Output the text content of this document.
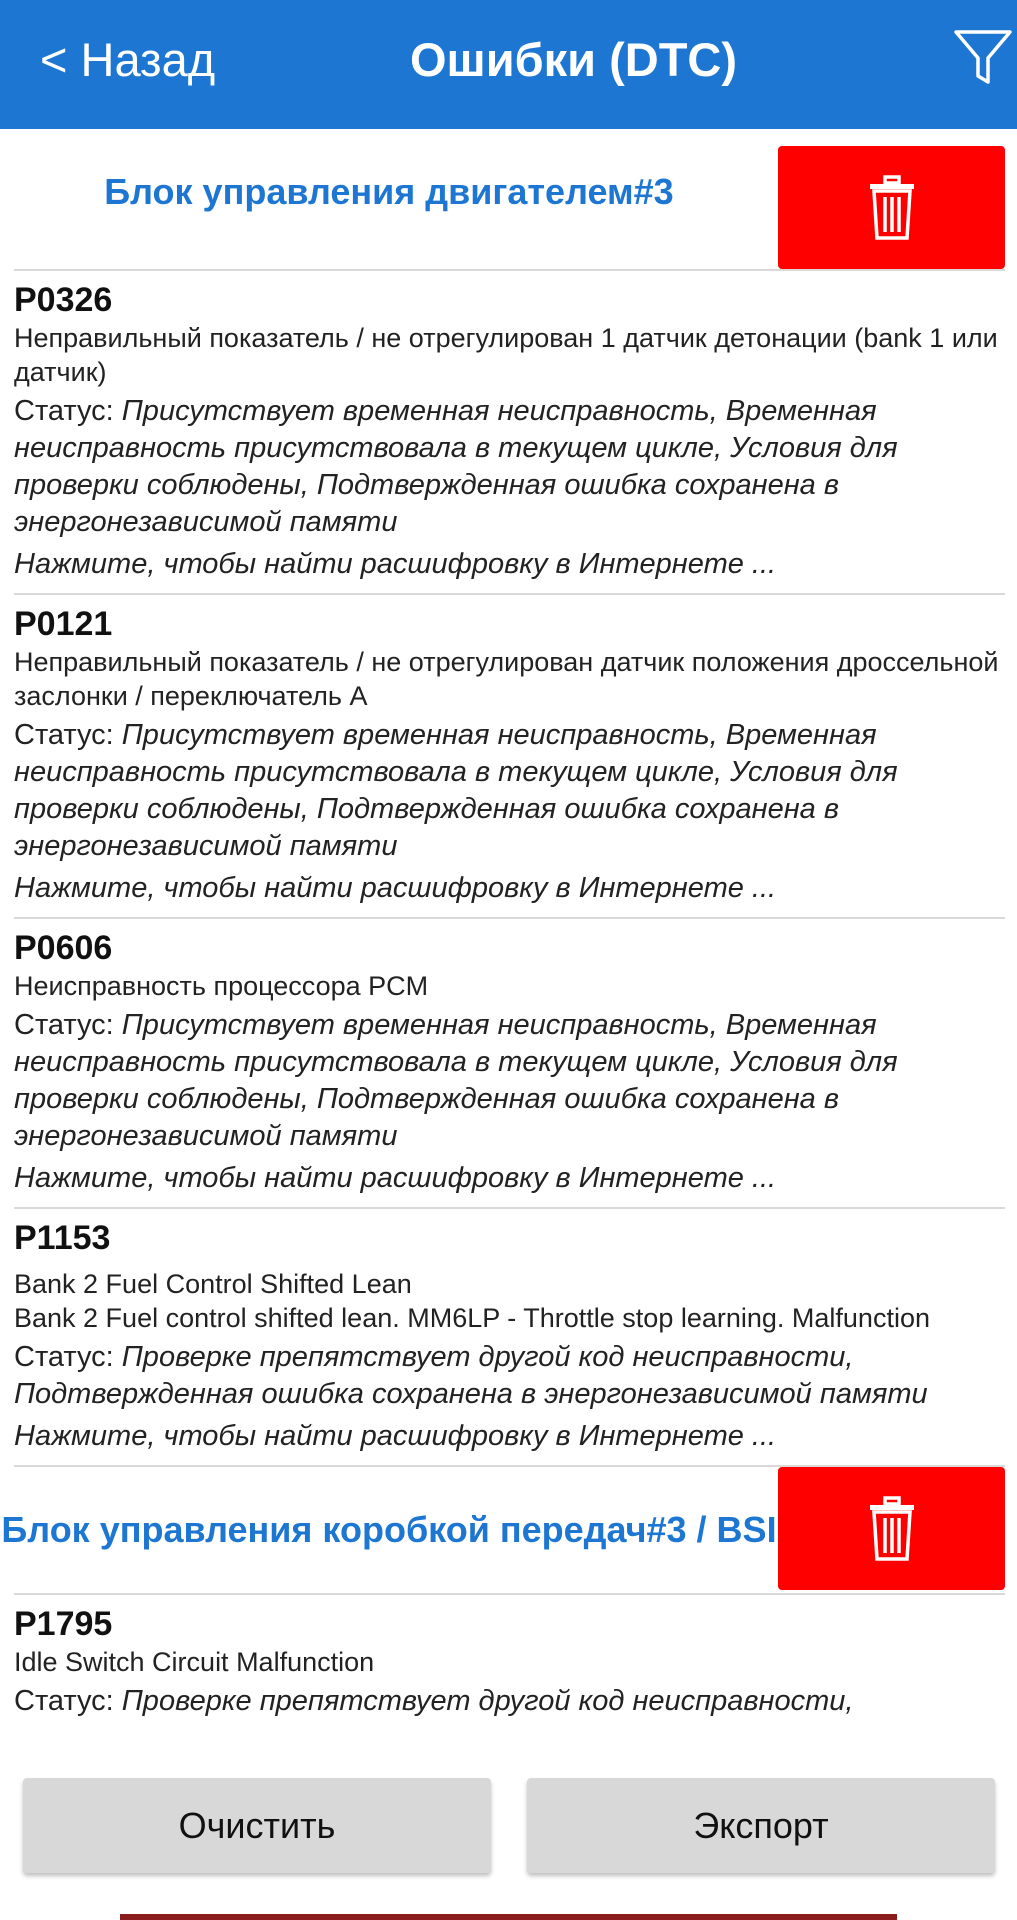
< Назад	Ошибки (DTC)
Блок управления двигателем#3
P0326
Неправильный показатель / не отрегулирован 1 датчик детонации (bank 1 или датчик)
Статус: Присутствует временная неисправность, Временная неисправность присутствовала в текущем цикле, Условия для проверки соблюдены, Подтвержденная ошибка сохранена в энергонезависимой памяти
Нажмите, чтобы найти расшифровку в Интернете ...
P0121
Неправильный показатель / не отрегулирован датчик положения дроссельной заслонки / переключатель A
Статус: Присутствует временная неисправность, Временная неисправность присутствовала в текущем цикле, Условия для проверки соблюдены, Подтвержденная ошибка сохранена в энергонезависимой памяти
Нажмите, чтобы найти расшифровку в Интернете ...
P0606
Неисправность процессора PCM
Статус: Присутствует временная неисправность, Временная неисправность присутствовала в текущем цикле, Условия для проверки соблюдены, Подтвержденная ошибка сохранена в энергонезависимой памяти
Нажмите, чтобы найти расшифровку в Интернете ...
P1153
Bank 2 Fuel Control Shifted Lean
Bank 2 Fuel control shifted lean. MM6LP - Throttle stop learning. Malfunction
Статус: Проверке препятствует другой код неисправности, Подтвержденная ошибка сохранена в энергонезависимой памяти
Нажмите, чтобы найти расшифровку в Интернете ...
Блок управления коробкой передач#3 / BSI
P1795
Idle Switch Circuit Malfunction
Статус: Проверке препятствует другой код неисправности,
Очистить	Экспорт
